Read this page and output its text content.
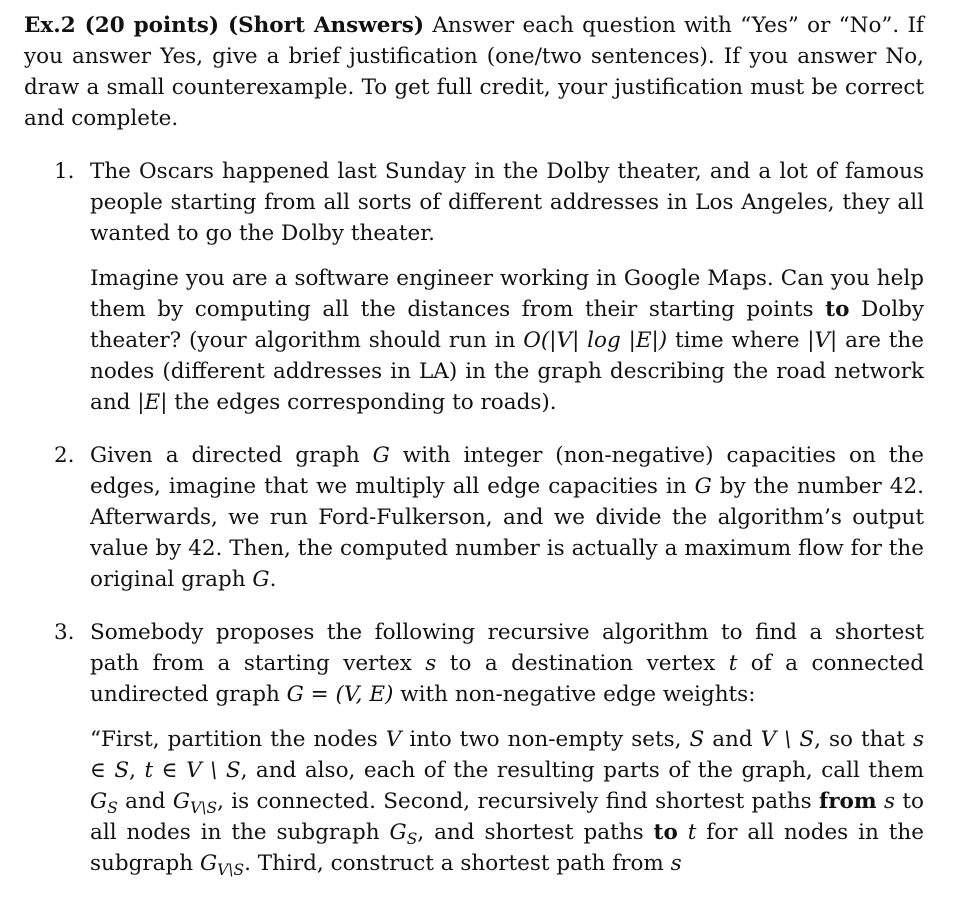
Ex.2 (20 points) (Short Answers) Answer each question with “Yes” or “No”. If you answer Yes, give a brief justification (one/two sentences). If you answer No, draw a small counterexample. To get full credit, your justification must be correct and complete.

1. The Oscars happened last Sunday in the Dolby theater, and a lot of famous people starting from all sorts of different addresses in Los Angeles, they all wanted to go the Dolby theater.

Imagine you are a software engineer working in Google Maps. Can you help them by computing all the distances from their starting points to Dolby theater? (your algorithm should run in O(|V| log |E|) time where |V| are the nodes (different addresses in LA) in the graph describing the road network and |E| the edges corresponding to roads).

2. Given a directed graph G with integer (non-negative) capacities on the edges, imagine that we multiply all edge capacities in G by the number 42. Afterwards, we run Ford-Fulkerson, and we divide the algorithm’s output value by 42. Then, the computed number is actually a maximum flow for the original graph G.

3. Somebody proposes the following recursive algorithm to find a shortest path from a starting vertex s to a destination vertex t of a connected undirected graph G = (V, E) with non-negative edge weights:

“First, partition the nodes V into two non-empty sets, S and V \ S, so that s ∈ S, t ∈ V \ S, and also, each of the resulting parts of the graph, call them $G_S$ and $G_{V\backslash S}$, is connected. Second, recursively find shortest paths from s to all nodes in the subgraph $G_S$, and shortest paths to t for all nodes in the subgraph $G_{V\backslash S}$. Third, construct a shortest path from s
